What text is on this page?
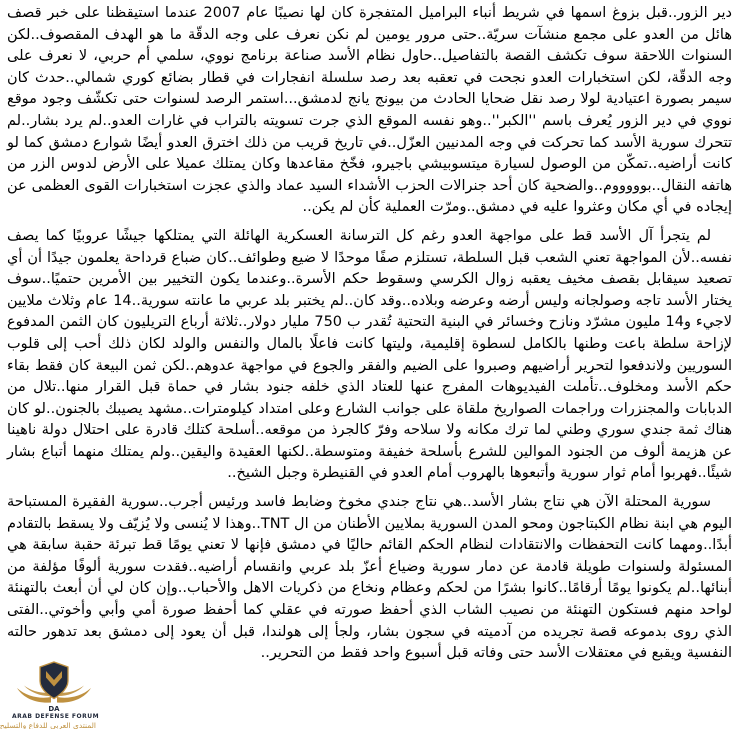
دير الزور..قبل بزوغ اسمها في شريط أنباء البراميل المتفجرة كان لها نصيبًا عام 2007 عندما استيقظنا على خبر قصف هائل من العدو على مجمع منشآت سريّة..حتى مرور يومين لم نكن نعرف على وجه الدقّة ما هو الهدف المقصوف..لكن السنوات اللاحقة سوف تكشف القصة بالتفاصيل..حاول نظام الأسد صناعة برنامج نووي، سلمي أم حربي، لا نعرف على وجه الدقّة، لكن استخبارات العدو نجحت في تعقبه بعد رصد سلسلة انفجارات في قطار بضائع كوري شمالي..حدث كان سيمر بصورة اعتيادية لولا رصد نقل ضحايا الحادث من بيونج يانج لدمشق...استمر الرصد لسنوات حتى تكشّف وجود موقع نووي في دير الزور يُعرف باسم ''الكبر''..وهو نفسه الموقع الذي جرت تسويته بالتراب في غارات العدو..لم يرد بشار..لم تتحرك سورية الأسد كما تحركت في وجه المدنيين العزّل..في تاريخ قريب من ذلك اخترق العدو أيضًا شوارع دمشق كما لو كانت أراضيه..تمكّن من الوصول لسيارة ميتسوبيشي باجيرو، فخّخ مقاعدها وكان يمتلك عميلا على الأرض لدوس الزر من هاتفه النقال..بوووووم..والضحية كان أحد جنرالات الحزب الأشداء السيد عماد والذي عجزت استخبارات القوى العظمى عن إيجاده في أي مكان وعثروا عليه في دمشق..ومرّت العملية كأن لم يكن..

لم يتجرأ آل الأسد قط على مواجهة العدو رغم كل الترسانة العسكرية الهائلة التي يمتلكها جيشًا عروبيًا كما يصف نفسه..لأن المواجهة تعني الشعب قبل السلطة، تستلزم صفًا موحدًا لا ضيع وطوائف..كان ضباع قرداحة يعلمون جيدًا أن أي تصعيد سيقابل بقصف مخيف يعقبه زوال الكرسي وسقوط حكم الأسرة..وعندما يكون التخيير بين الأمرين حتميًا..سوف يختار الأسد تاجه وصولجانه وليس أرضه وعرضه وبلاده..وقد كان..لم يختبر بلد عربي ما عانته سورية..14 عام وثلاث ملايين لاجيء و14 مليون مشرّد ونازح وخسائر في البنية التحتية تُقدر ب 750 مليار دولار..ثلاثة أرباع التريليون كان الثمن المدفوع لإزاحة سلطة باعت وطنها بالكامل لسطوة إقليمية، وليتها كانت فاعلًا بالمال والنفس والولد لكان ذلك أحب إلى قلوب السوريين ولاندفعوا لتحرير أراضيهم وصبروا على الضيم والفقر والجوع في مواجهة عدوهم..لكن ثمن البيعة كان فقط بقاء حكم الأسد ومخلوف..تأملت الفيديوهات المفرج عنها للعتاد الذي خلفه جنود بشار في حماة قبل القرار منها..تلال من الدبابات والمجنزرات وراجمات الصواريخ ملقاة على جوانب الشارع وعلى امتداد كيلومترات..مشهد يصيبك بالجنون..لو كان هناك ثمة جندي سوري وطني لما ترك مكانه ولا سلاحه وفرّ كالجرذ من موقعه..أسلحة كتلك قادرة على احتلال دولة ناهينا عن هزيمة ألوف من الجنود الموالين للشرع بأسلحة خفيفة ومتوسطة..لكنها العقيدة واليقين..ولم يمتلك منهما أتباع بشار شيئًا..فهربوا أمام ثوار سورية وأتبعوها بالهروب أمام العدو في القنيطرة وجبل الشيخ..

سورية المحتلة الآن هي نتاج بشار الأسد..هي نتاج جندي مخوخ وضابط فاسد ورئيس أجرب..سورية الفقيرة المستباحة اليوم هي ابنة نظام الكبتاجون ومحو المدن السورية بملايين الأطنان من ال TNT..وهذا لا يُنسى ولا يُزيّف ولا يسقط بالتقادم أبدًا..ومهما كانت التحفظات والانتقادات لنظام الحكم القائم حاليًا في دمشق فإنها لا تعني يومًا قط تبرئة حقبة سابقة هي المسئولة ولسنوات طويلة قادمة عن دمار سورية وضياع أعزّ بلد عربي وانقسام أراضيه..فقدت سورية ألوفًا مؤلفة من أبنائها..لم يكونوا يومًا أرقامًا..كانوا بشرًا من لحكم وعظام ونخاع من ذكريات الاهل والأحباب..وإن كان لي أن أبعث بالتهنئة لواحد منهم فستكون التهنئة من نصيب الشاب الذي أحفظ صورته في عقلي كما أحفظ صورة أمي وأبي وأخوتي..الفتى الذي روى بدموعه قصة تجريده من آدميته في سجون بشار، ولجأ إلى هولندا، قبل أن يعود إلى دمشق بعد تدهور حالته النفسية ويقبع في معتقلات الأسد حتى وفاته قبل أسبوع واحد فقط من التحرير..

DA
ARAB DEFENSE FORUM
المنتدى العربي للدفاع والتسليح
